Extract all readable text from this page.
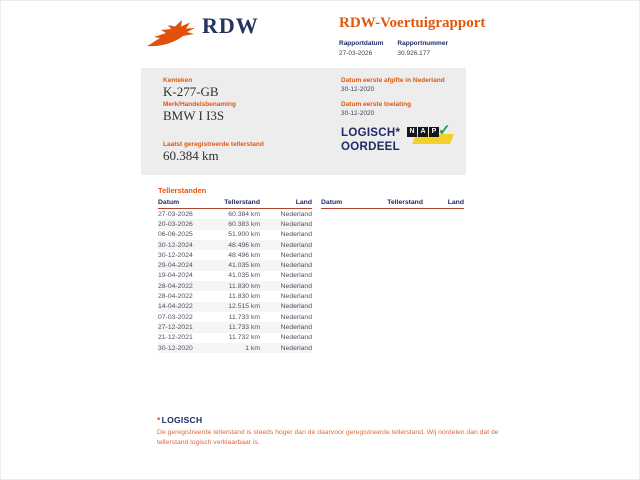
RDW	RDW-Voertuigrapport
Rapportdatum
27-03-2026
Rapportnummer
30.926.177
Kenteken
K-277-GB
Merk/Handelsbenaming
BMW I I3S
Laatst geregistreerde tellerstand
60.384 km
Datum eerste afgifte in Nederland
30-12-2020
Datum eerste toelating
30-12-2020
LOGISCH*
OORDEEL
N A P ✓
Tellerstanden
Datum	Tellerstand	Land
27-03-2026	60.384 km	Nederland
20-03-2026	60.383 km	Nederland
06-06-2025	51.900 km	Nederland
30-12-2024	48.496 km	Nederland
30-12-2024	48.496 km	Nederland
29-04-2024	41.035 km	Nederland
19-04-2024	41.035 km	Nederland
28-04-2022	11.830 km	Nederland
28-04-2022	11.830 km	Nederland
14-04-2022	12.515 km	Nederland
07-03-2022	11.733 km	Nederland
27-12-2021	11.733 km	Nederland
21-12-2021	11.732 km	Nederland
30-12-2020	1 km	Nederland
Datum	Tellerstand	Land
*LOGISCH
De geregistreerde tellerstand is steeds hoger dan de daarvoor geregistreerde tellerstand. Wij oordelen dan dat de tellerstand logisch verklaarbaar is.
